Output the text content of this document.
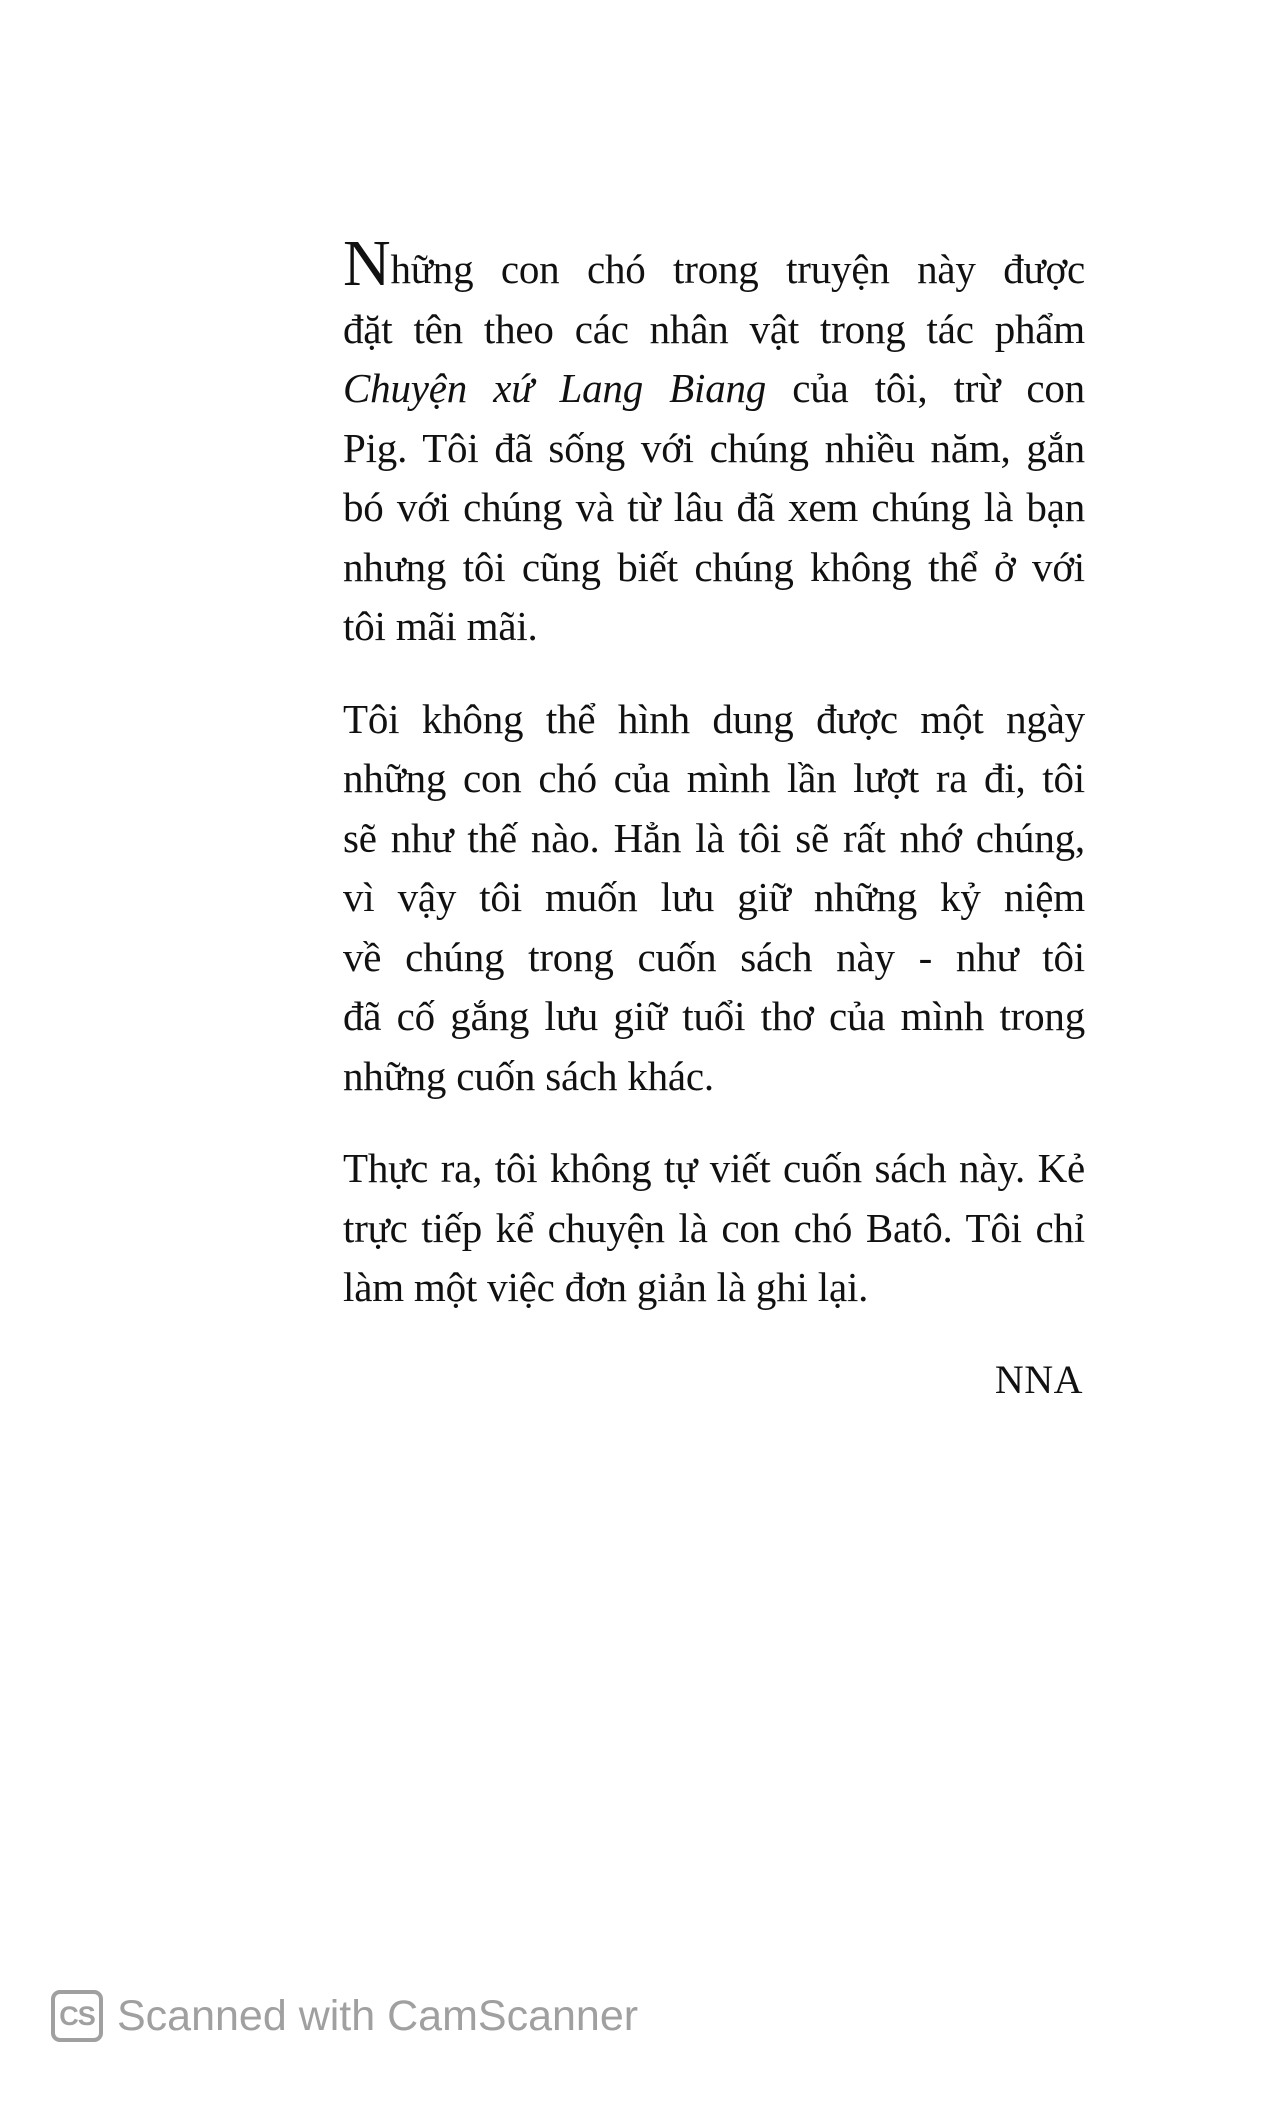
Những con chó trong truyện này được
đặt tên theo các nhân vật trong tác phẩm
Chuyện xứ Lang Biang của tôi, trừ con
Pig. Tôi đã sống với chúng nhiều năm, gắn
bó với chúng và từ lâu đã xem chúng là bạn
nhưng tôi cũng biết chúng không thể ở với
tôi mãi mãi.
Tôi không thể hình dung được một ngày
những con chó của mình lần lượt ra đi, tôi
sẽ như thế nào. Hẳn là tôi sẽ rất nhớ chúng,
vì vậy tôi muốn lưu giữ những kỷ niệm
về chúng trong cuốn sách này - như tôi
đã cố gắng lưu giữ tuổi thơ của mình trong
những cuốn sách khác.
Thực ra, tôi không tự viết cuốn sách này. Kẻ
trực tiếp kể chuyện là con chó Batô. Tôi chỉ
làm một việc đơn giản là ghi lại.
NNA
CS Scanned with CamScanner
